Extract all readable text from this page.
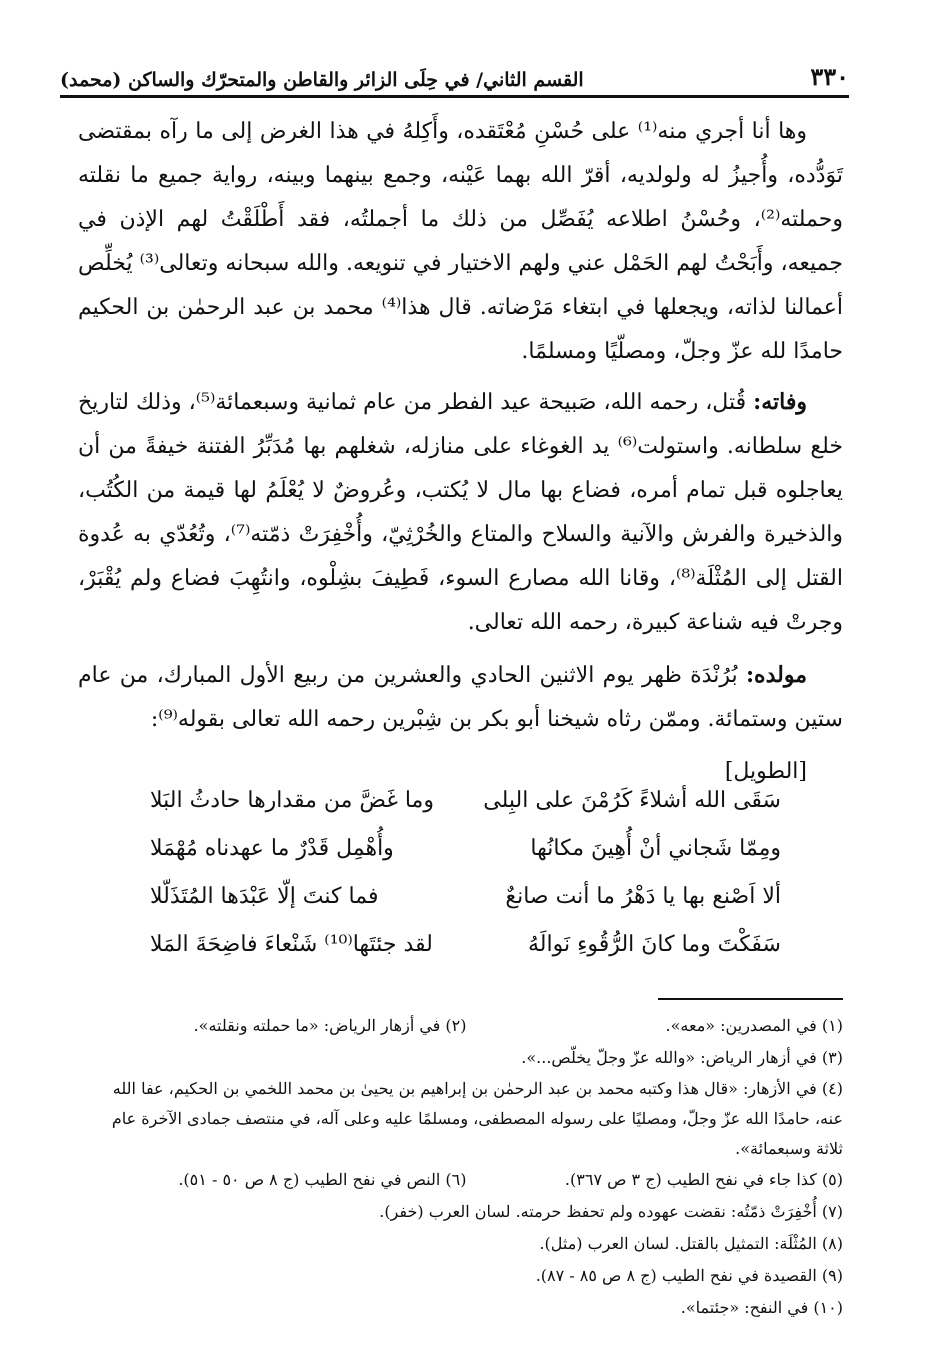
٣٣٠
القسم الثاني/ في حِلَى الزائر والقاطن والمتحرّك والساكن (محمد)

وها أنا أجري منه⁽¹⁾ على حُسْنِ مُعْتَقده، وأَكِلهُ في هذا الغرض إلى ما رآه بمقتضى تَوَدُّده، وأُجيزُ له ولولديه، أقرّ الله بهما عَيْنه، وجمع بينهما وبينه، رواية جميع ما نقلته وحملته⁽²⁾، وحُسْنُ اطلاعه يُفَصِّل من ذلك ما أجملتُه، فقد أَطْلَقْتُ لهم الإذن في جميعه، وأَبَحْتُ لهم الحَمْل عني ولهم الاختيار في تنويعه. والله سبحانه وتعالى⁽³⁾ يُخلِّص أعمالنا لذاته، ويجعلها في ابتغاء مَرْضاته. قال هذا⁽⁴⁾ محمد بن عبد الرحمٰن بن الحكيم حامدًا لله عزّ وجلّ، ومصلّيًا ومسلمًا.

وفاته: قُتل، رحمه الله، صَبيحة عيد الفطر من عام ثمانية وسبعمائة⁽⁵⁾، وذلك لتاريخ خلع سلطانه. واستولت⁽⁶⁾ يد الغوغاء على منازله، شغلهم بها مُدَبِّرُ الفتنة خيفةً من أن يعاجلوه قبل تمام أمره، فضاع بها مال لا يُكتب، وعُروضٌ لا يُعْلَمُ لها قيمة من الكُتُب، والذخيرة والفرش والآنية والسلاح والمتاع والخُرْثِيّ، وأُخْفِرَتْ ذمّته⁽⁷⁾، وتُعُدّي به عُدوة القتل إلى المُثْلَة⁽⁸⁾، وقانا الله مصارع السوء، فَطِيفَ بشِلْوه، وانتُهِبَ فضاع ولم يُقْبَرْ، وجرتْ فيه شناعة كبيرة، رحمه الله تعالى.

مولده: بُرُنْدَة ظهر يوم الاثنين الحادي والعشرين من ربيع الأول المبارك، من عام ستين وستمائة. وممّن رثاه شيخنا أبو بكر بن شِبْرين رحمه الله تعالى بقوله⁽⁹⁾:

[الطويل]

سَقَى الله أشلاءً كَرُمْنَ على البِلى
وما غَضَّ من مقدارها حادثُ البَلا
ومِمّا شَجاني أنْ أُهِينَ مكانُها
وأُهْمِل قَدْرٌ ما عهدناه مُهْمَلا
ألا اَصْنع بها يا دَهْرُ ما أنت صانعٌ
فما كنتَ إلّا عَبْدَها المُتَذَلّلا
سَفَكْتَ وما كانَ الرُّقُوءِ نَوالَهُ
لقد جئتَها⁽¹⁰⁾ شَنْعاءَ فاضِحَةَ المَلا
(١) في المصدرين: «معه».
(٢) في أزهار الرياض: «ما حملته ونقلته».
(٣) في أزهار الرياض: «والله عزّ وجلّ يخلّص...».
(٤) في الأزهار: «قال هذا وكتبه محمد بن عبد الرحمٰن بن إبراهيم بن يحيىٰ بن محمد اللخمي بن الحكيم، عفا الله عنه، حامدًا الله عزّ وجلّ، ومصليًا على رسوله المصطفى، ومسلمًا عليه وعلى آله، في منتصف جمادى الآخرة عام ثلاثة وسبعمائة».
(٥) كذا جاء في نفح الطيب (ج ٣ ص ٣٦٧).
(٦) النص في نفح الطيب (ج ٨ ص ٥٠ - ٥١).
(٧) أُخْفِرَتْ ذمّتُه: نقضت عهوده ولم تحفظ حرمته. لسان العرب (خفر).
(٨) المُثْلَة: التمثيل بالقتل. لسان العرب (مثل).
(٩) القصيدة في نفح الطيب (ج ٨ ص ٨٥ - ٨٧).
(١٠) في النفح: «جئتما».
